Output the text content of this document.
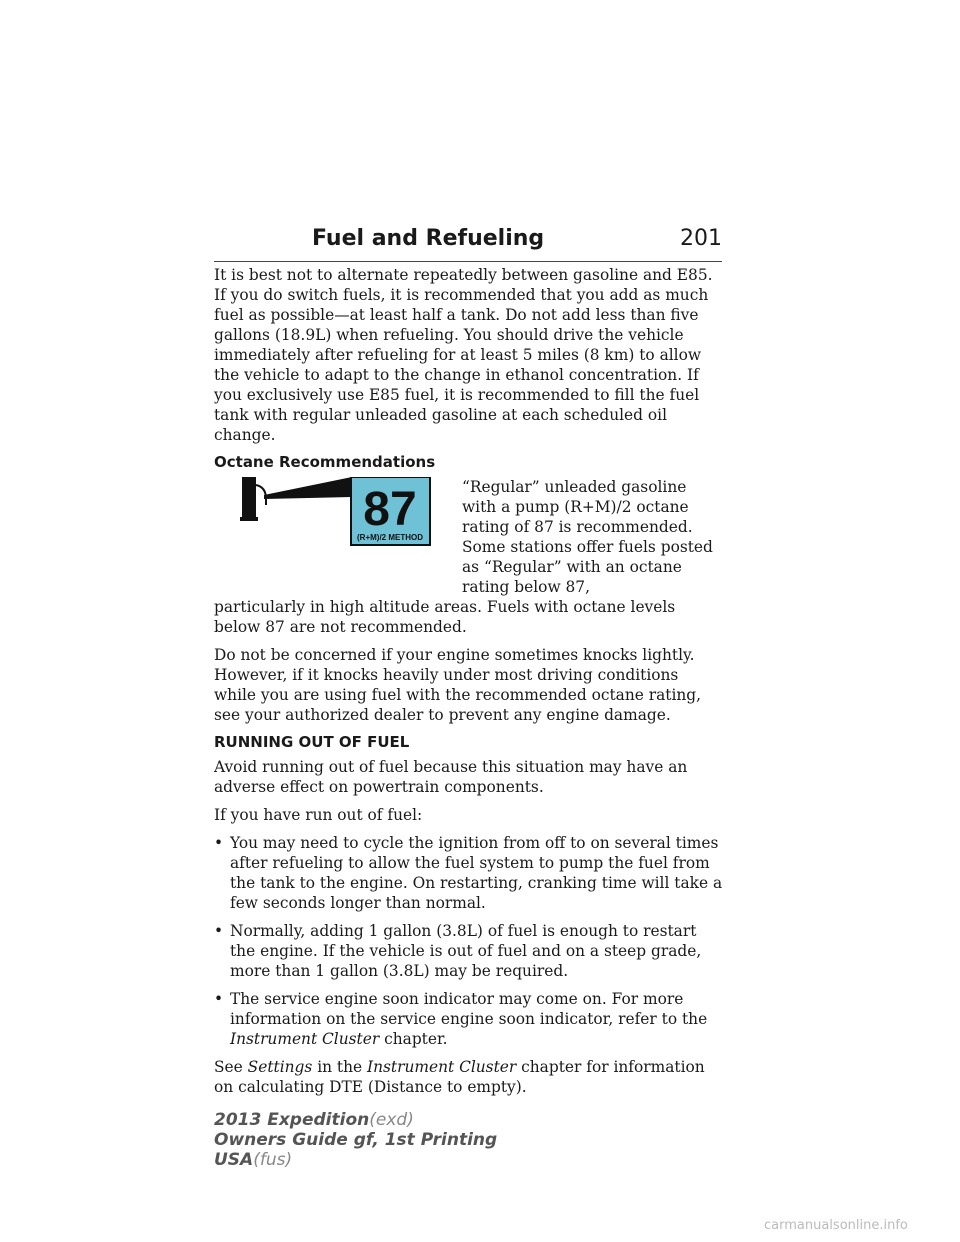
Fuel and Refueling	201

It is best not to alternate repeatedly between gasoline and E85. If you do switch fuels, it is recommended that you add as much fuel as possible—at least half a tank. Do not add less than five gallons (18.9L) when refueling. You should drive the vehicle immediately after refueling for at least 5 miles (8 km) to allow the vehicle to adapt to the change in ethanol concentration. If you exclusively use E85 fuel, it is recommended to fill the fuel tank with regular unleaded gasoline at each scheduled oil change.

Octane Recommendations
87
(R+M)/2 METHOD
“Regular” unleaded gasoline with a pump (R+M)/2 octane rating of 87 is recommended. Some stations offer fuels posted as “Regular” with an octane rating below 87,

particularly in high altitude areas. Fuels with octane levels below 87 are not recommended.

Do not be concerned if your engine sometimes knocks lightly. However, if it knocks heavily under most driving conditions while you are using fuel with the recommended octane rating, see your authorized dealer to prevent any engine damage.

RUNNING OUT OF FUEL

Avoid running out of fuel because this situation may have an adverse effect on powertrain components.

If you have run out of fuel:

• You may need to cycle the ignition from off to on several times after refueling to allow the fuel system to pump the fuel from the tank to the engine. On restarting, cranking time will take a few seconds longer than normal.
• Normally, adding 1 gallon (3.8L) of fuel is enough to restart the engine. If the vehicle is out of fuel and on a steep grade, more than 1 gallon (3.8L) may be required.
• The service engine soon indicator may come on. For more information on the service engine soon indicator, refer to the Instrument Cluster chapter.

See Settings in the Instrument Cluster chapter for information on calculating DTE (Distance to empty).

2013 Expedition(exd)
Owners Guide gf, 1st Printing
USA(fus)
carmanualsonline.info
